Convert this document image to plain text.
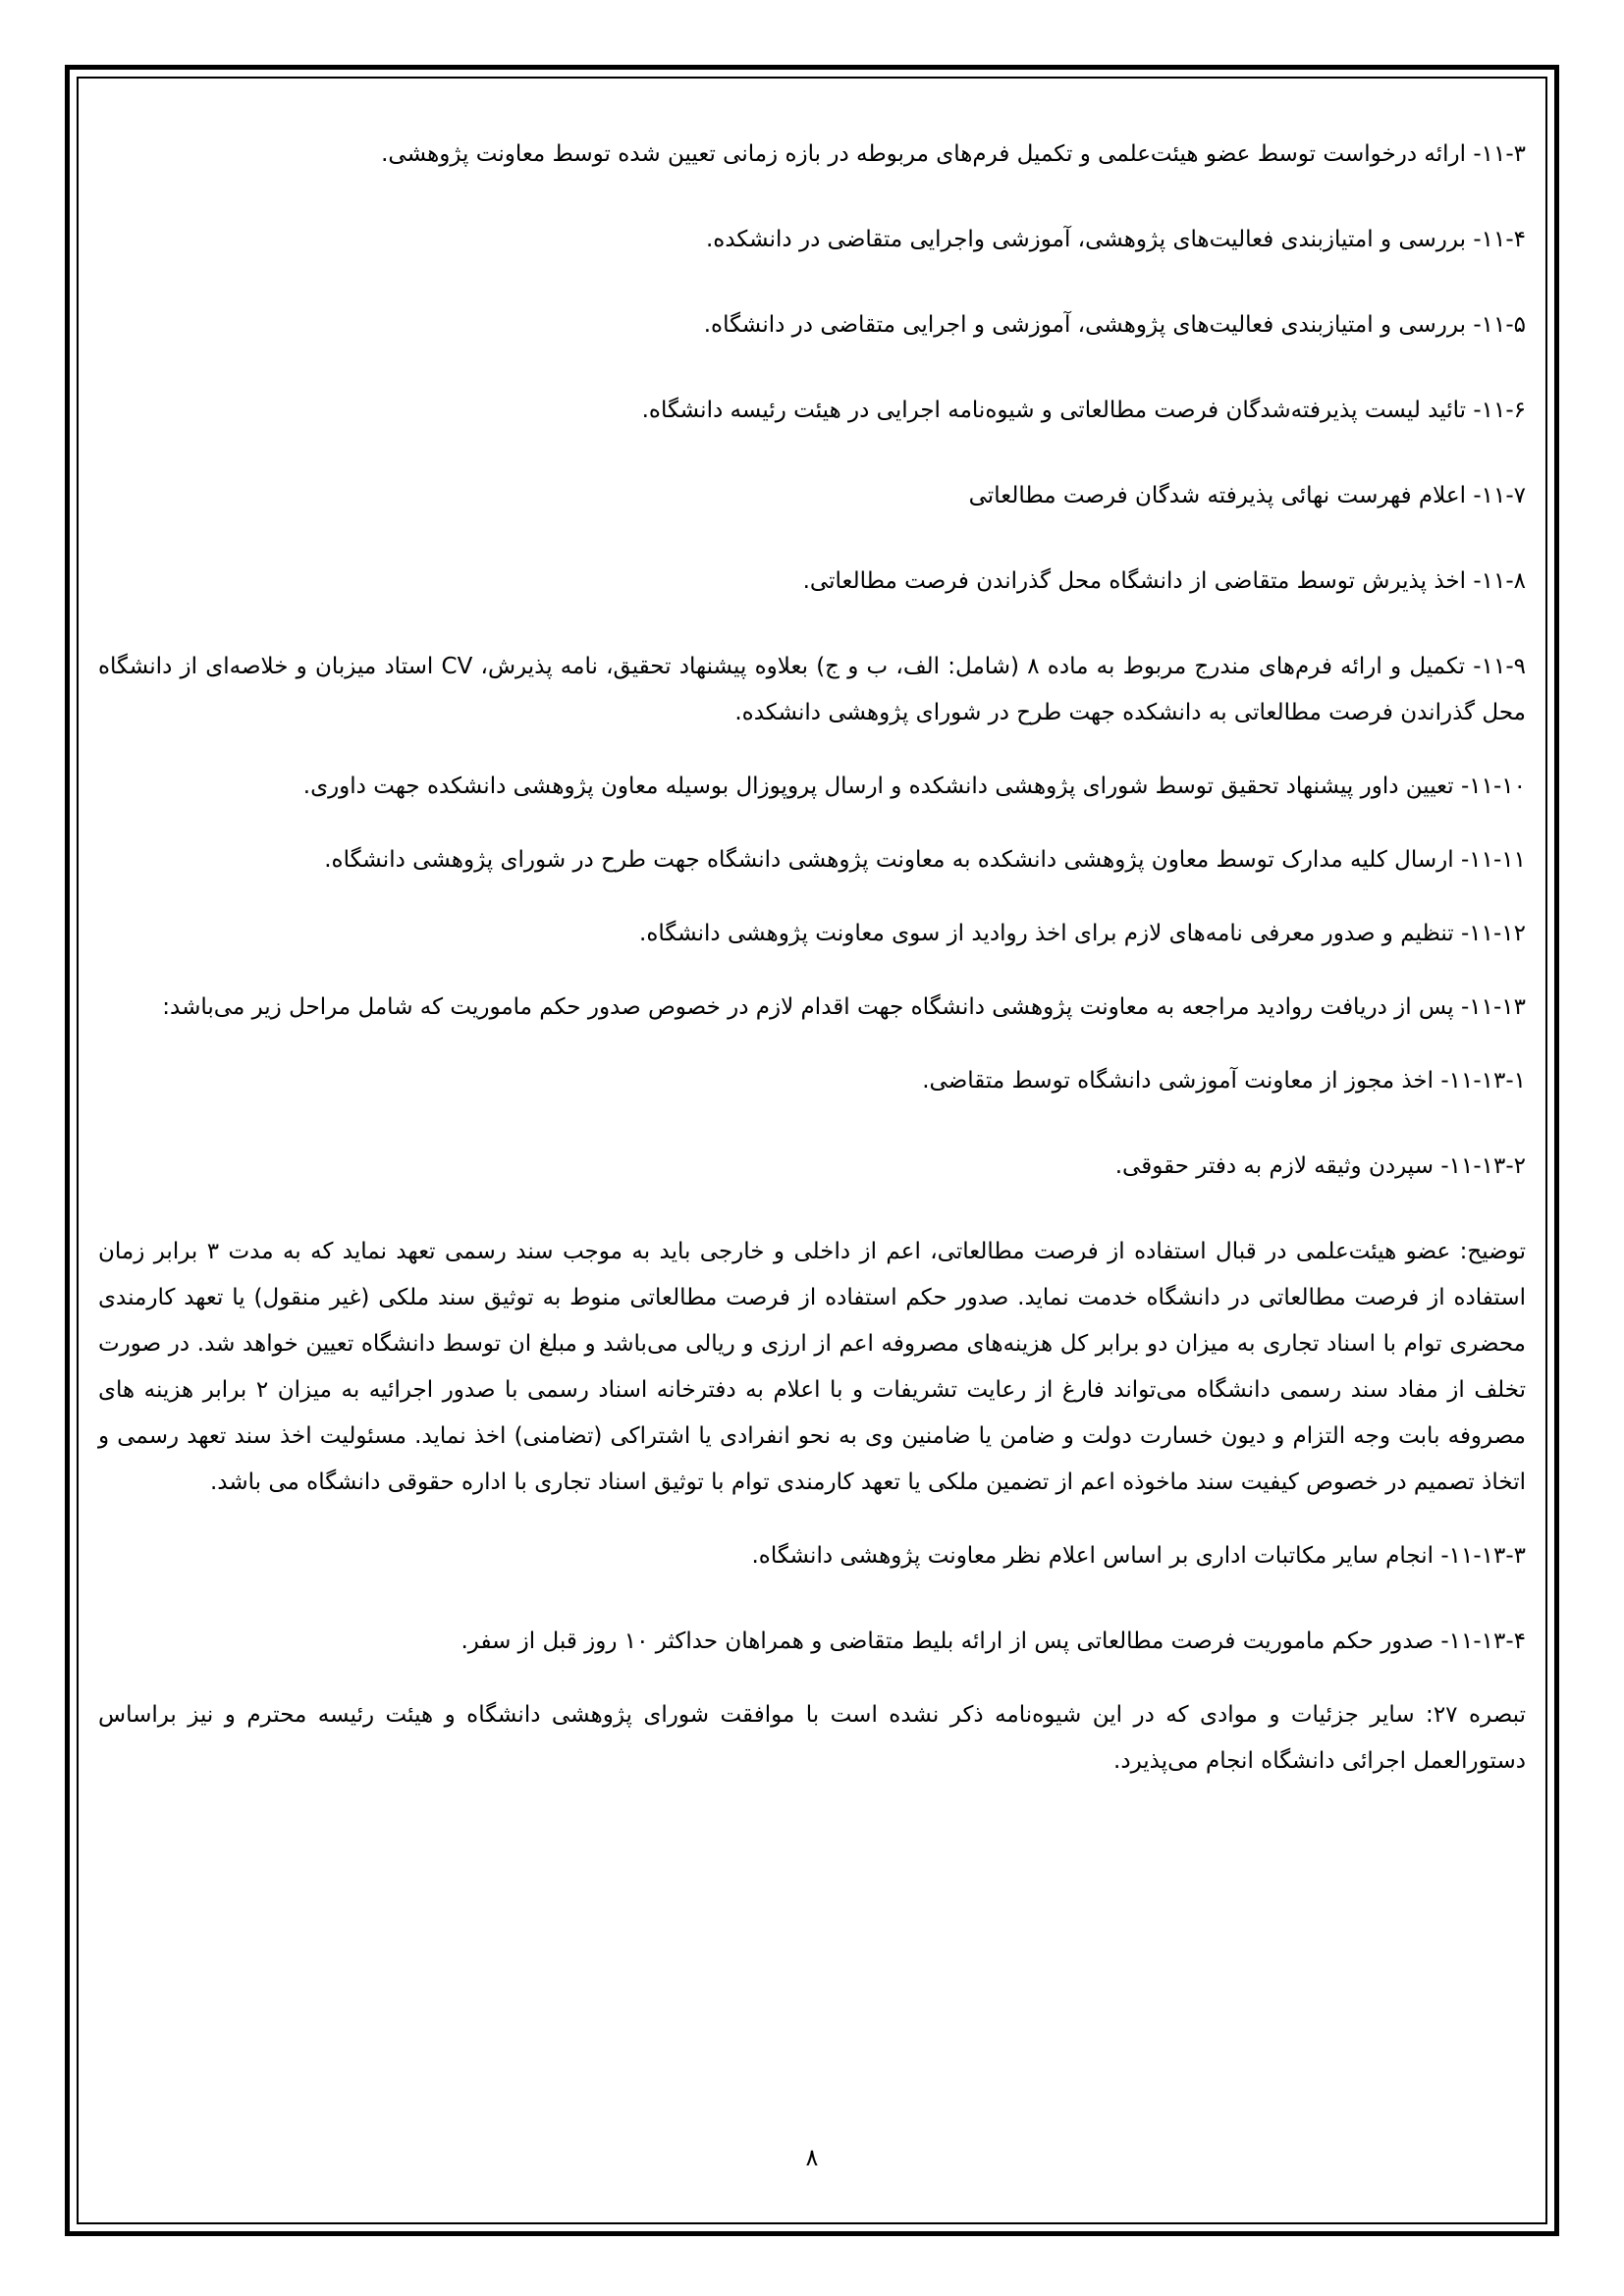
۱۱-۳- ارائه درخواست توسط عضو هیئت‌علمی و تکمیل فرم‌های مربوطه در بازه زمانی تعیین شده توسط معاونت پژوهشی.

۱۱-۴- بررسی و امتیازبندی فعالیت‌های پژوهشی، آموزشی واجرایی متقاضی در دانشکده.

۱۱-۵- بررسی و امتیازبندی فعالیت‌های پژوهشی، آموزشی و اجرایی متقاضی در دانشگاه.

۱۱-۶- تائید لیست پذیرفته‌شدگان فرصت مطالعاتی و شیوه‌نامه اجرایی در هیئت رئیسه دانشگاه.

۱۱-۷- اعلام فهرست نهائی پذیرفته شدگان فرصت مطالعاتی

۱۱-۸- اخذ پذیرش توسط متقاضی از دانشگاه محل گذراندن فرصت مطالعاتی.

۱۱-۹- تکمیل و ارائه فرم‌های مندرج مربوط به ماده ۸ (شامل: الف، ب و ج) بعلاوه پیشنهاد تحقیق، نامه پذیرش، CV استاد میزبان و خلاصه‌ای از دانشگاه محل گذراندن فرصت مطالعاتی به دانشکده جهت طرح در شورای پژوهشی دانشکده.

۱۱-۱۰- تعیین داور پیشنهاد تحقیق توسط شورای پژوهشی دانشکده و ارسال پروپوزال بوسیله معاون پژوهشی دانشکده جهت داوری.

۱۱-۱۱- ارسال کلیه مدارک توسط معاون پژوهشی دانشکده به معاونت پژوهشی دانشگاه جهت طرح در شورای پژوهشی دانشگاه.

۱۱-۱۲- تنظیم و صدور معرفی نامه‌های لازم برای اخذ روادید از سوی معاونت پژوهشی دانشگاه.

۱۱-۱۳- پس از دریافت روادید مراجعه به معاونت پژوهشی دانشگاه جهت اقدام لازم در خصوص صدور حکم ماموریت که شامل مراحل زیر می‌باشد:

۱۱-۱۳-۱- اخذ مجوز از معاونت آموزشی دانشگاه توسط متقاضی.

۱۱-۱۳-۲- سپردن وثیقه لازم به دفتر حقوقی.

توضیح: عضو هیئت‌علمی در قبال استفاده از فرصت مطالعاتی، اعم از داخلی و خارجی باید به موجب سند رسمی تعهد نماید که به مدت ۳ برابر زمان استفاده از فرصت مطالعاتی در دانشگاه خدمت نماید. صدور حکم استفاده از فرصت مطالعاتی منوط به توثیق سند ملکی (غیر منقول) یا تعهد کارمندی محضری توام با اسناد تجاری به میزان دو برابر کل هزینه‌های مصروفه اعم از ارزی و ریالی می‌باشد و مبلغ ان توسط دانشگاه تعیین خواهد شد. در صورت تخلف از مفاد سند رسمی دانشگاه می‌تواند فارغ از رعایت تشریفات و با اعلام به دفترخانه اسناد رسمی با صدور اجرائیه به میزان ۲ برابر هزینه های مصروفه بابت وجه التزام و دیون خسارت دولت و ضامن یا ضامنین وی به نحو انفرادی یا اشتراکی (تضامنی) اخذ نماید. مسئولیت اخذ سند تعهد رسمی و اتخاذ تصمیم در خصوص کیفیت سند ماخوذه اعم از تضمین ملکی یا تعهد کارمندی توام با توثیق اسناد تجاری با اداره حقوقی دانشگاه می باشد.

۱۱-۱۳-۳- انجام سایر مکاتبات اداری بر اساس اعلام نظر معاونت پژوهشی دانشگاه.

۱۱-۱۳-۴- صدور حکم ماموریت فرصت مطالعاتی پس از ارائه بلیط متقاضی و همراهان حداکثر ۱۰ روز قبل از سفر.

تبصره ۲۷: سایر جزئیات و موادی که در این شیوه‌نامه ذکر نشده است با موافقت شورای پژوهشی دانشگاه و هیئت رئیسه محترم و نیز براساس دستورالعمل اجرائی دانشگاه انجام می‌پذیرد.

۸
